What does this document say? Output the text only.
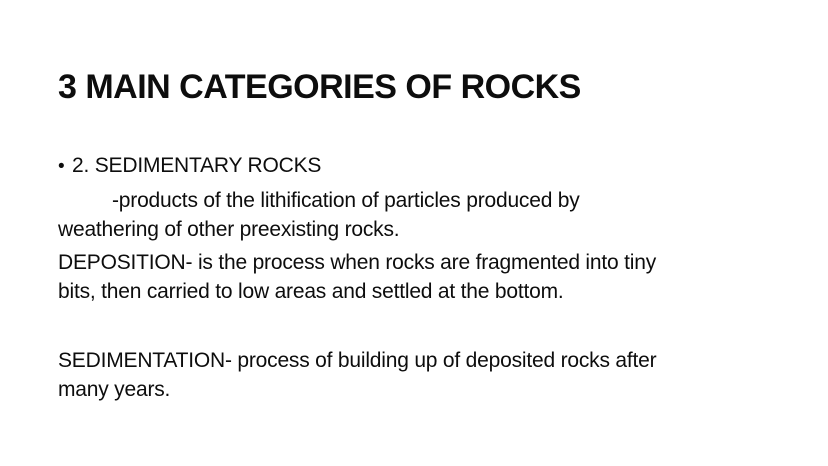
3 MAIN CATEGORIES OF ROCKS
• 2. SEDIMENTARY ROCKS
-products of the lithification of particles produced by
weathering of other preexisting rocks.
DEPOSITION- is the process when rocks are fragmented into tiny
bits, then carried to low areas and settled at the bottom.
SEDIMENTATION- process of building up of deposited rocks after
many years.
